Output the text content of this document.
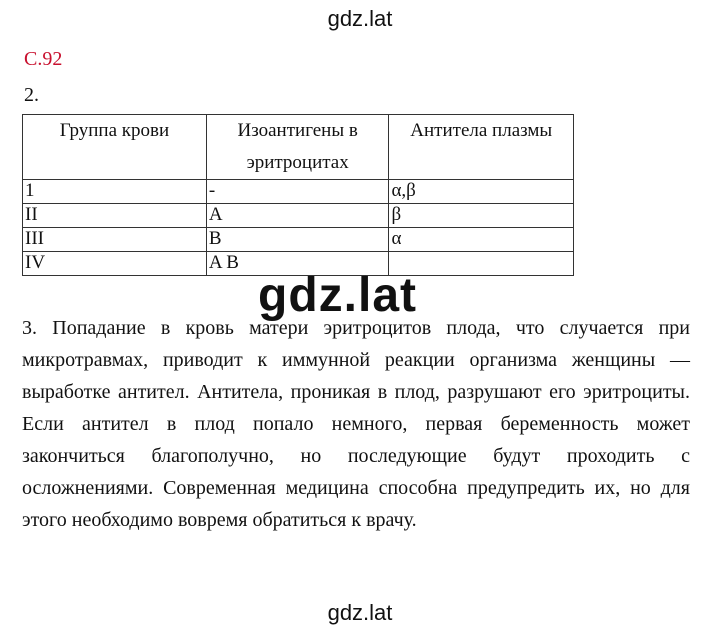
gdz.lat
С.92
2.
Группа крови	Изоантигены в эритроцитах	Антитела плазмы
1	-	α,β
II	A	β
III	B	α
IV	A B	
gdz.lat
3. Попадание в кровь матери эритроцитов плода, что случается при микротравмах, приводит к иммунной реакции организма женщины — выработке антител. Антитела, проникая в плод, разрушают его эритроциты. Если антител в плод попало немного, первая беременность может закончиться благополучно, но последующие будут проходить с осложнениями. Современная медицина способна предупредить их, но для этого необходимо вовремя обратиться к врачу.
gdz.lat
